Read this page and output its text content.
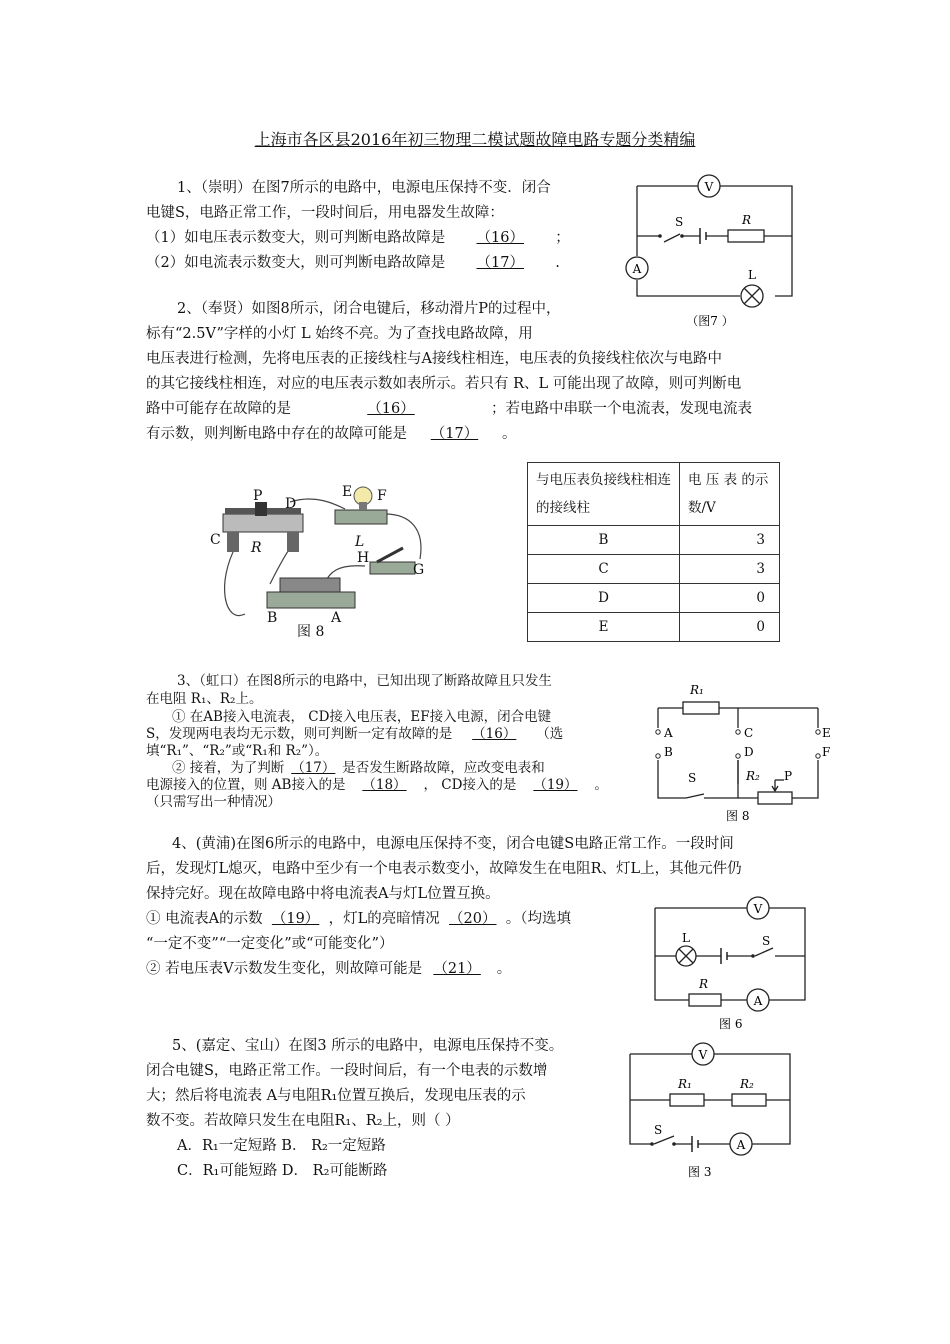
上海市各区县2016年初三物理二模试题故障电路专题分类精编
1、（崇明）在图7所示的电路中，电源电压保持不变．闭合
电键S，电路正常工作，一段时间后，用电器发生故障：
（1）如电压表示数变大，则可判断电路故障是 （16） ；
（2）如电流表示数变大，则可判断电路故障是 （17） .
V
A
S	R
L
（图7 ）
2、（奉贤）如图8所示，闭合电键后，移动滑片P的过程中，
标有“2.5V”字样的小灯 L 始终不亮。为了查找电路故障，用
电压表进行检测，先将电压表的正接线柱与A接线柱相连，电压表的负接线柱依次与电路中
的其它接线柱相连，对应的电压表示数如表所示。若只有 R、L 可能出现了故障，则可判断电
路中可能存在故障的是	（16）	；若电路中串联一个电流表，发现电流表
有示数，则判断电路中存在的故障可能是 （17） 。
P D
E F
C R	L
H
G
B	A
图 8
与电压表负接线柱相连的接线柱	电 压 表 的示数/V
B	3
C	3
D	0
E	0
3、（虹口）在图8所示的电路中，已知出现了断路故障且只发生
在电阻 R₁、R₂上。
① 在AB接入电流表， CD接入电压表，EF接入电源，闭合电键
S，发现两电表均无示数，则可判断一定有故障的是 （16） （选
填“R₁”、“R₂”或“R₁和 R₂”）。
② 接着，为了判断 （17） 是否发生断路故障，应改变电表和
电源接入的位置，则 AB接入的是 （18） ， CD接入的是 （19） 。
（只需写出一种情况）
R₁
A
B
C
D
E
F
S	R₂ P
图 8
4、(黄浦)在图6所示的电路中，电源电压保持不变，闭合电键S电路正常工作。一段时间
后，发现灯L熄灭，电路中至少有一个电表示数变小，故障发生在电阻R、灯L上，其他元件仍
保持完好。现在故障电路中将电流表A与灯L位置互换。
① 电流表A的示数 （19） ，灯L的亮暗情况 （20） 。（均选填
“一定不变”“一定变化”或“可能变化”）
② 若电压表V示数发生变化，则故障可能是 （21） 。
V
L	S
R
A
图 6
5、(嘉定、宝山）在图3 所示的电路中，电源电压保持不变。
闭合电键S，电路正常工作。一段时间后，有一个电表的示数增
大；然后将电流表 A与电阻R₁位置互换后，发现电压表的示
数不变。若故障只发生在电阻R₁、R₂上，则（ ）
A．R₁一定短路 B． R₂一定短路
C．R₁可能短路 D． R₂可能断路
V
R₁	R₂
S
A
图 3
